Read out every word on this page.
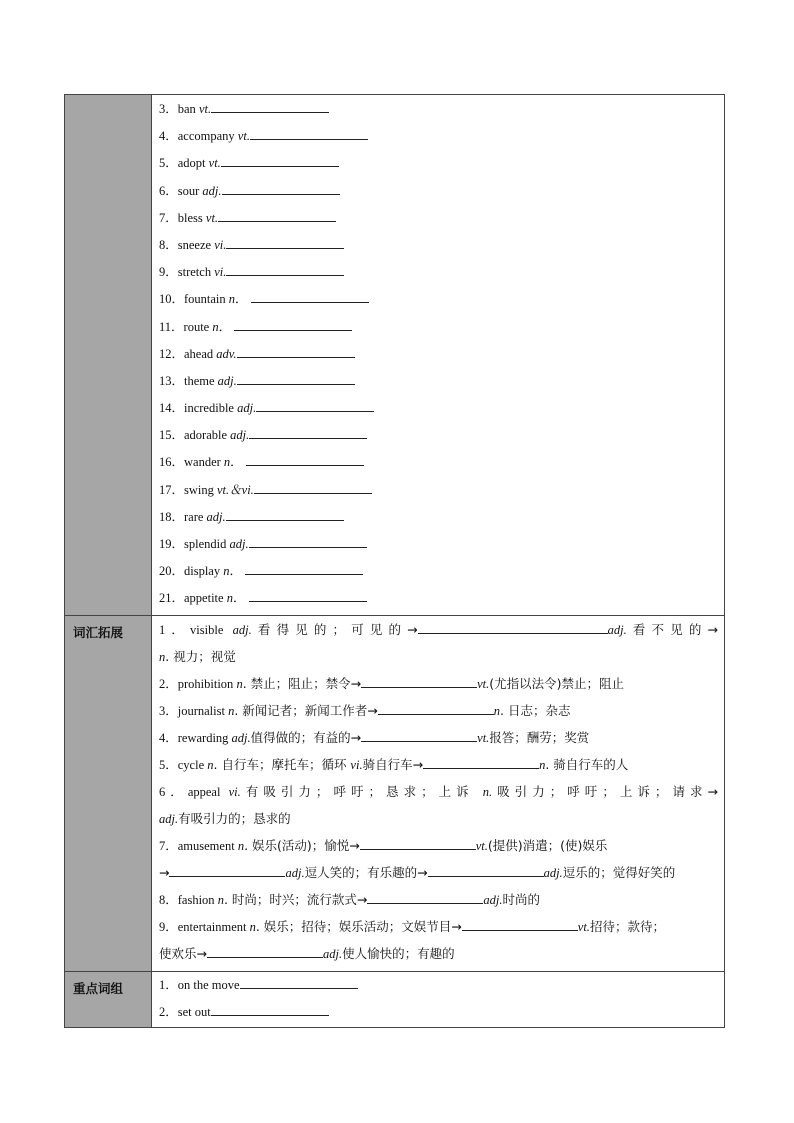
3．ban vt.
4．accompany vt.
5．adopt vt.
6．sour adj.
7．bless vt.
8．sneeze vi.
9．stretch vi.
10．fountain n．
11．route n．
12．ahead adv.
13．theme adj.
14．incredible adj.
15．adorable adj.
16．wander n．
17．swing vt.＆vi.
18．rare adj.
19．splendid adj.
20．display n．
21．appetite n．
词汇拓展	1．visible adj.看得见的；可见的→	adj.看不见的→
n. 视力；视觉
2．prohibition n. 禁止；阻止；禁令→	vt.(尤指以法令)禁止；阻止
3．journalist n. 新闻记者；新闻工作者→	n. 日志；杂志
4．rewarding adj.值得做的；有益的→	vt.报答；酬劳；奖赏
5．cycle n. 自行车；摩托车；循环 vi.骑自行车→	n. 骑自行车的人
6．appeal vi.有吸引力；呼吁；恳求；上诉 n.吸引力；呼吁；上诉；请求→
adj.有吸引力的；恳求的
7．amusement n. 娱乐(活动)；愉悦→	vt.(提供)消遣；(使)娱乐
→	adj.逗人笑的；有乐趣的→	adj.逗乐的；觉得好笑的
8．fashion n. 时尚；时兴；流行款式→	adj.时尚的
9．entertainment n. 娱乐；招待；娱乐活动；文娱节目→	vt.招待；款待；
使欢乐→	adj.使人愉快的；有趣的
重点词组	1．on the move
2．set out
